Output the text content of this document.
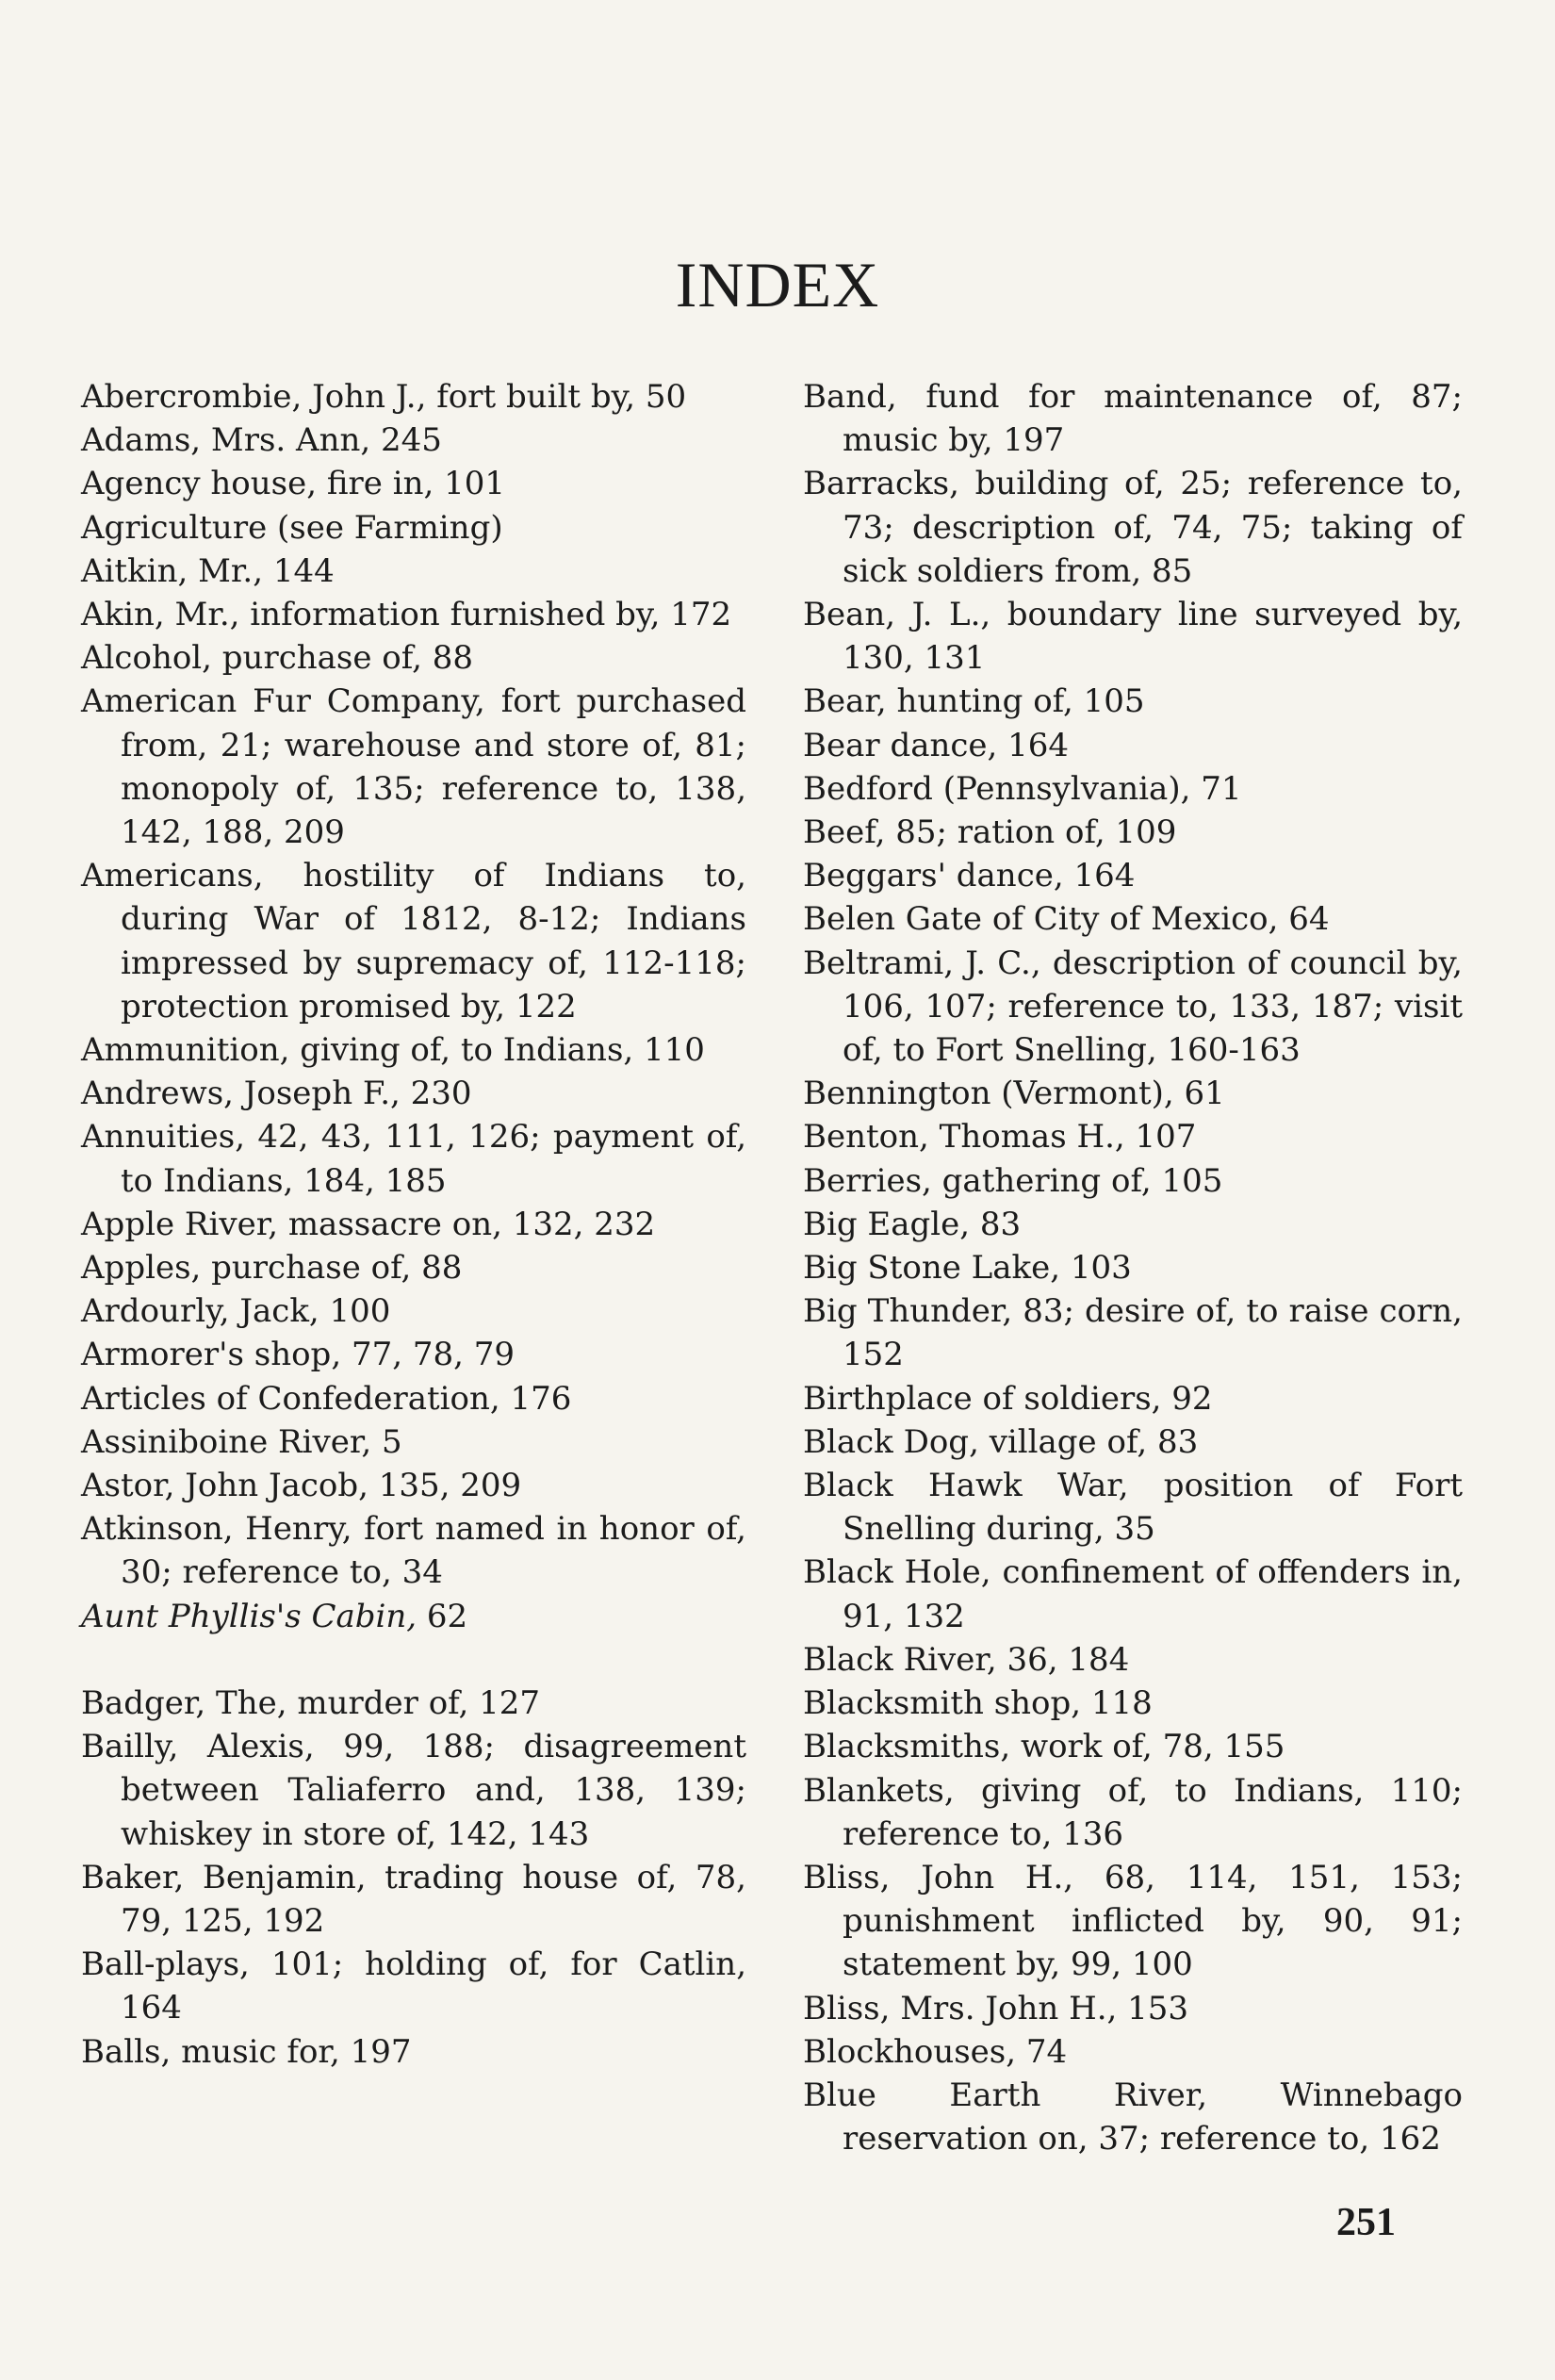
INDEX
Abercrombie, John J., fort built by, 50
Adams, Mrs. Ann, 245
Agency house, fire in, 101
Agriculture (see Farming)
Aitkin, Mr., 144
Akin, Mr., information furnished by, 172
Alcohol, purchase of, 88
American Fur Company, fort purchased from, 21; warehouse and store of, 81; monopoly of, 135; reference to, 138, 142, 188, 209
Americans, hostility of Indians to, during War of 1812, 8-12; Indians impressed by supremacy of, 112-118; protection promised by, 122
Ammunition, giving of, to Indians, 110
Andrews, Joseph F., 230
Annuities, 42, 43, 111, 126; payment of, to Indians, 184, 185
Apple River, massacre on, 132, 232
Apples, purchase of, 88
Ardourly, Jack, 100
Armorer's shop, 77, 78, 79
Articles of Confederation, 176
Assiniboine River, 5
Astor, John Jacob, 135, 209
Atkinson, Henry, fort named in honor of, 30; reference to, 34
Aunt Phyllis's Cabin, 62
Badger, The, murder of, 127
Bailly, Alexis, 99, 188; disagreement between Taliaferro and, 138, 139; whiskey in store of, 142, 143
Baker, Benjamin, trading house of, 78, 79, 125, 192
Ball-plays, 101; holding of, for Catlin, 164
Balls, music for, 197
Band, fund for maintenance of, 87; music by, 197
Barracks, building of, 25; reference to, 73; description of, 74, 75; taking of sick soldiers from, 85
Bean, J. L., boundary line surveyed by, 130, 131
Bear, hunting of, 105
Bear dance, 164
Bedford (Pennsylvania), 71
Beef, 85; ration of, 109
Beggars' dance, 164
Belen Gate of City of Mexico, 64
Beltrami, J. C., description of council by, 106, 107; reference to, 133, 187; visit of, to Fort Snelling, 160-163
Bennington (Vermont), 61
Benton, Thomas H., 107
Berries, gathering of, 105
Big Eagle, 83
Big Stone Lake, 103
Big Thunder, 83; desire of, to raise corn, 152
Birthplace of soldiers, 92
Black Dog, village of, 83
Black Hawk War, position of Fort Snelling during, 35
Black Hole, confinement of offenders in, 91, 132
Black River, 36, 184
Blacksmith shop, 118
Blacksmiths, work of, 78, 155
Blankets, giving of, to Indians, 110; reference to, 136
Bliss, John H., 68, 114, 151, 153; punishment inflicted by, 90, 91; statement by, 99, 100
Bliss, Mrs. John H., 153
Blockhouses, 74
Blue Earth River, Winnebago reservation on, 37; reference to, 162
251
